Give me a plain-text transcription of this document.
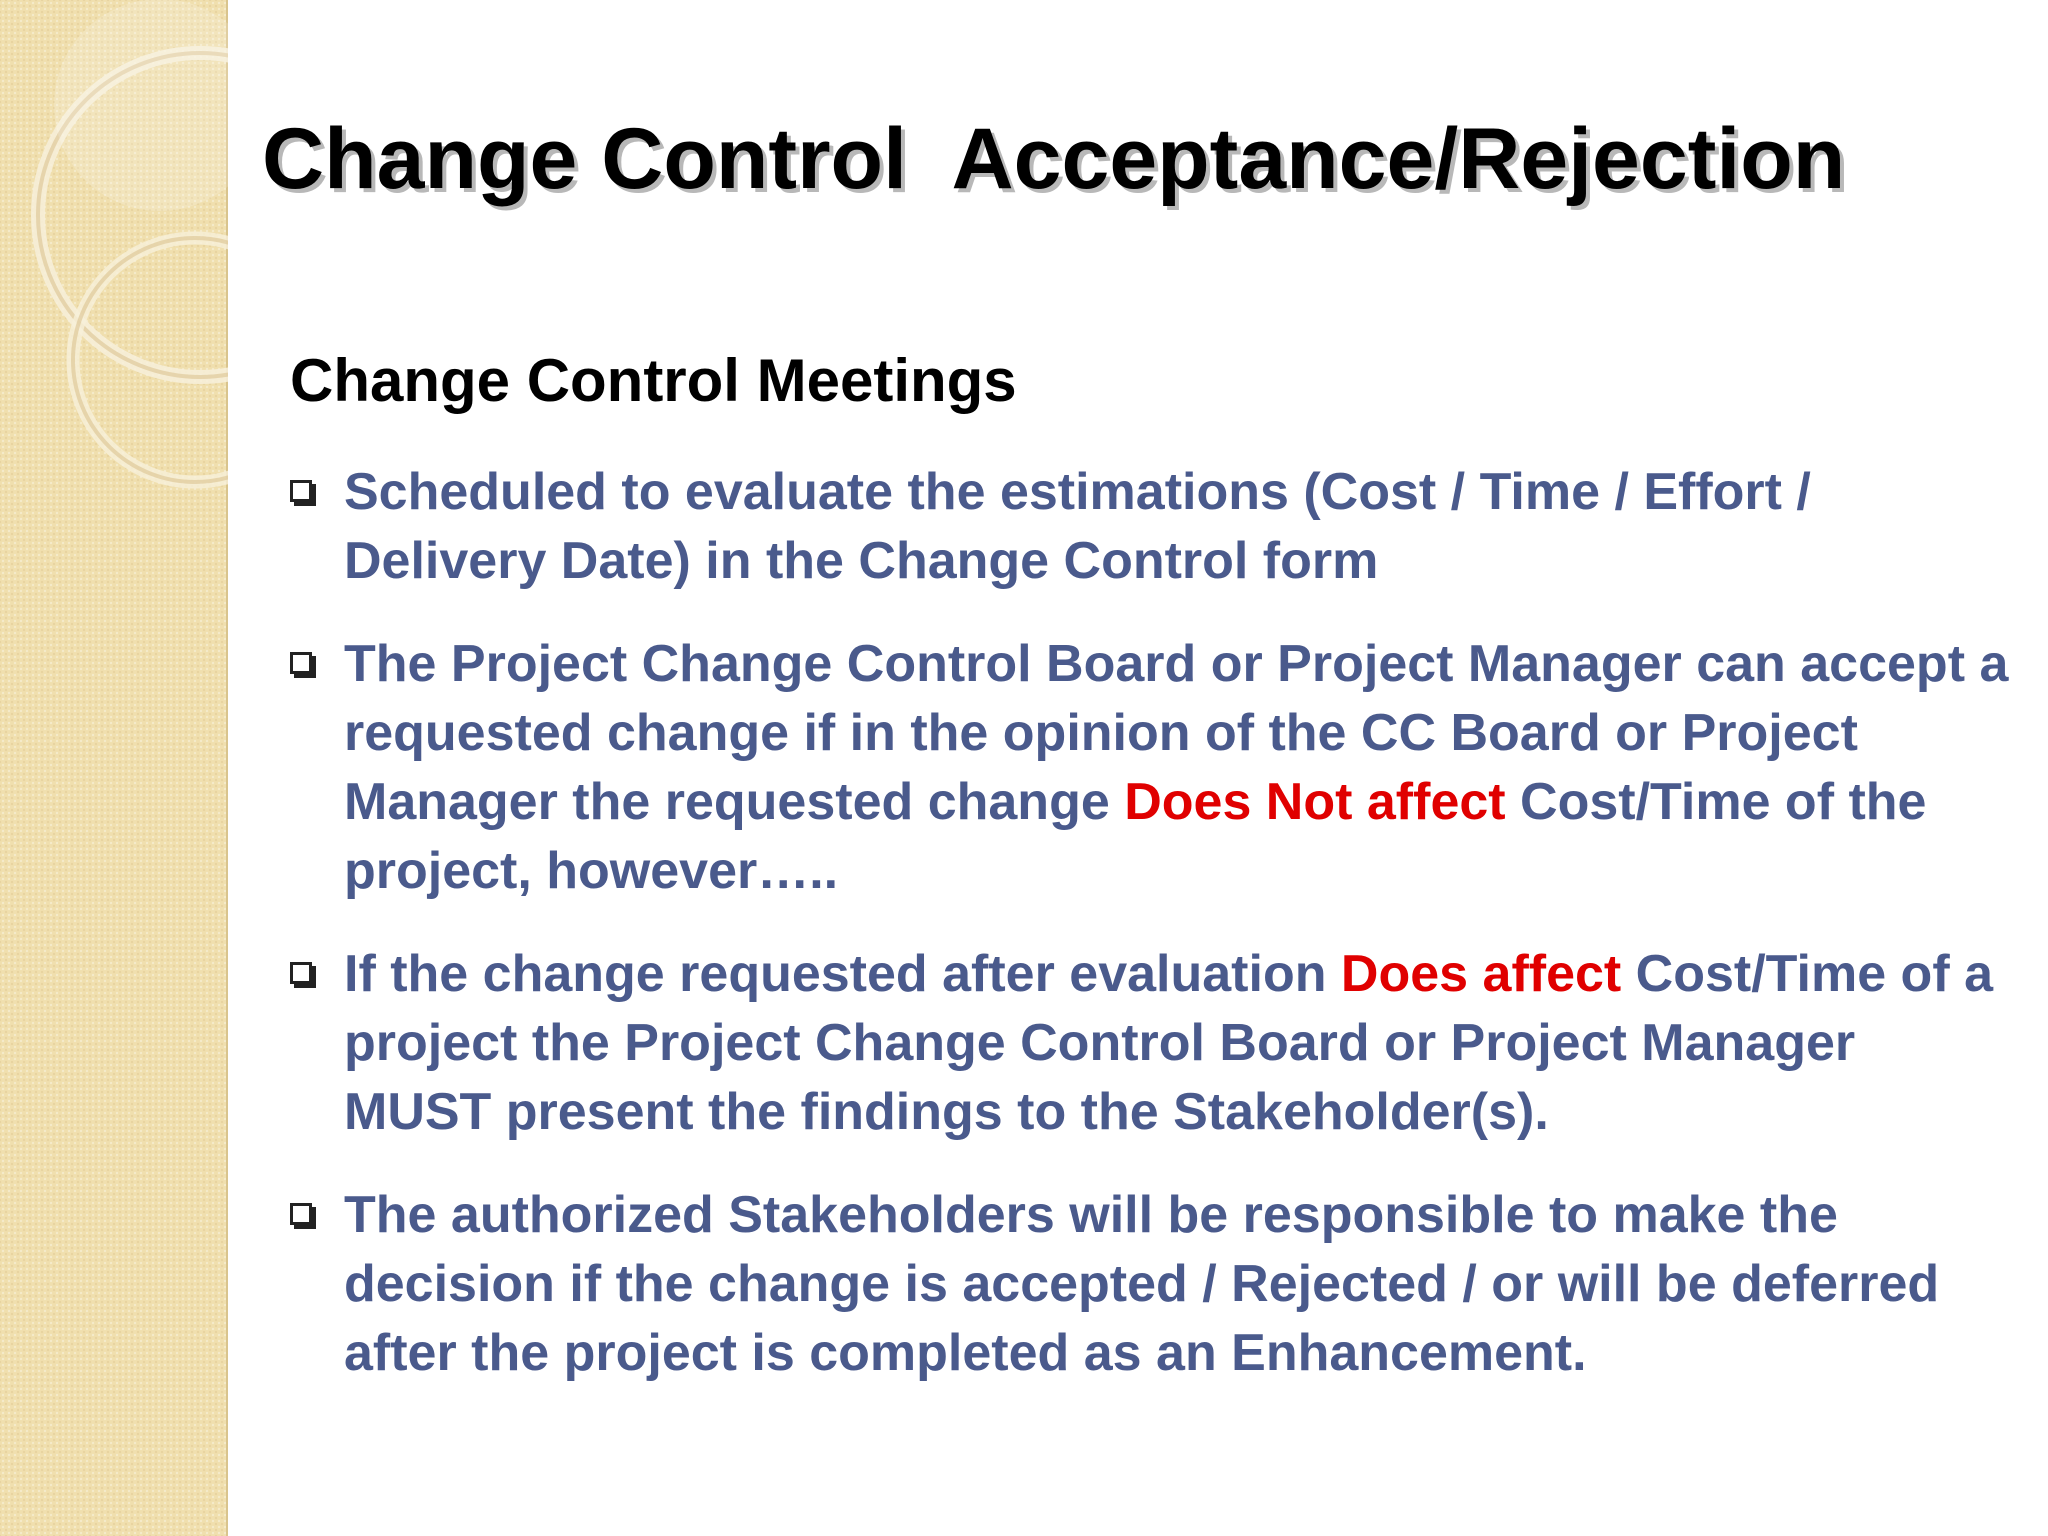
Change Control  Acceptance/Rejection
Change Control Meetings
Scheduled to evaluate the estimations (Cost / Time / Effort / Delivery Date) in the Change Control form
The Project Change Control Board or Project Manager can accept a requested change if in the opinion of the CC Board or Project Manager the requested change Does Not affect Cost/Time of the project, however…..
If the change requested after evaluation Does affect Cost/Time of a project the Project Change Control Board or Project Manager MUST present the findings to the Stakeholder(s).
The authorized Stakeholders will be responsible to make the decision if the change is accepted / Rejected / or will be deferred after the project is completed as an Enhancement.
